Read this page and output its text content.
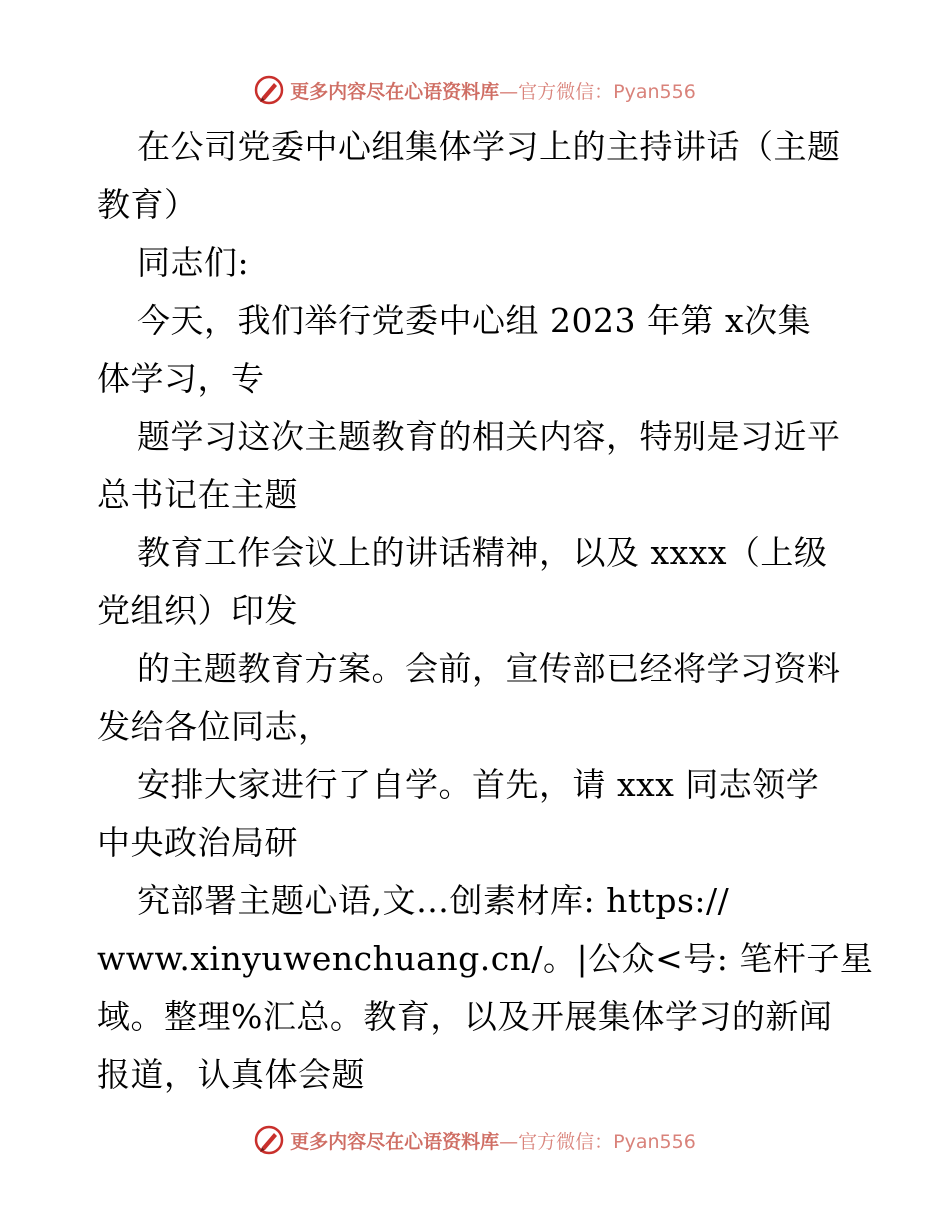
更多内容尽在心语资料库—官方微信：Pyan556
在公司党委中心组集体学习上的主持讲话（主题
教育）
同志们:
今天，我们举行党委中心组 2023 年第 x次集
体学习，专
题学习这次主题教育的相关内容，特别是习近平
总书记在主题
教育工作会议上的讲话精神，以及 xxxx（上级
党组织）印发
的主题教育方案。会前，宣传部已经将学习资料
发给各位同志，
安排大家进行了自学。首先，请 xxx 同志领学
中央政治局研
究部署主题心语,文…创素材库: https://
www.xinyuwenchuang.cn/。|公众<号: 笔杆子星
域。整理%汇总。教育，以及开展集体学习的新闻
报道，认真体会题
更多内容尽在心语资料库—官方微信：Pyan556
